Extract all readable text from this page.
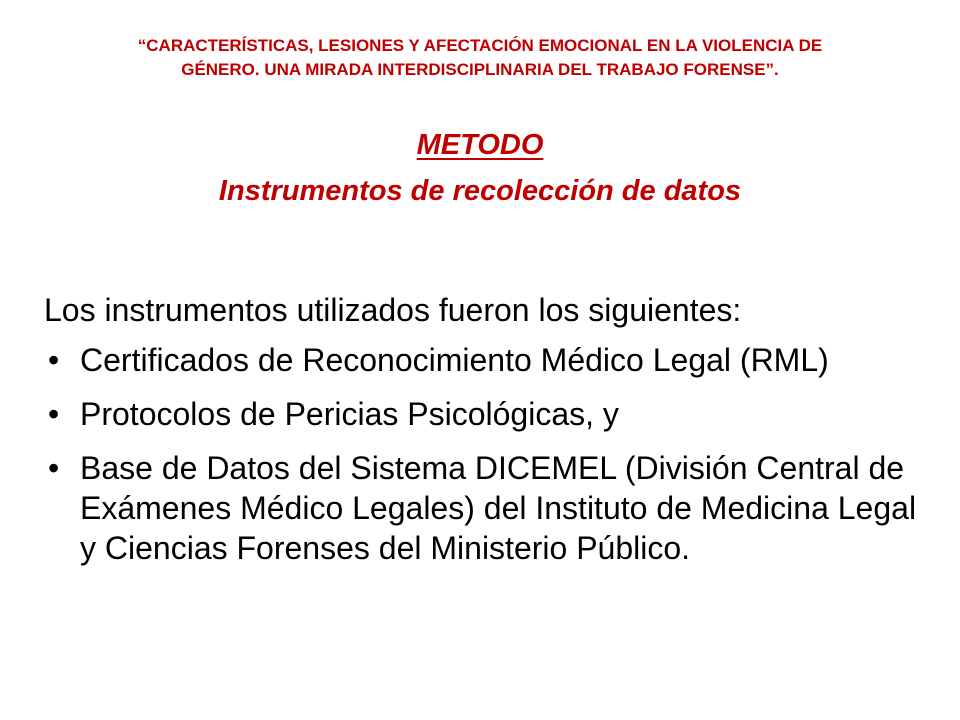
“CARACTERÍSTICAS, LESIONES Y AFECTACIÓN EMOCIONAL EN LA VIOLENCIA DE
GÉNERO. UNA MIRADA INTERDISCIPLINARIA DEL TRABAJO FORENSE”.
METODO
Instrumentos de recolección de datos

Los instrumentos utilizados fueron los siguientes:

• Certificados de Reconocimiento Médico Legal (RML)
• Protocolos de Pericias Psicológicas, y
• Base de Datos del Sistema DICEMEL (División Central de Exámenes Médico Legales) del Instituto de Medicina Legal y Ciencias Forenses del Ministerio Público.
